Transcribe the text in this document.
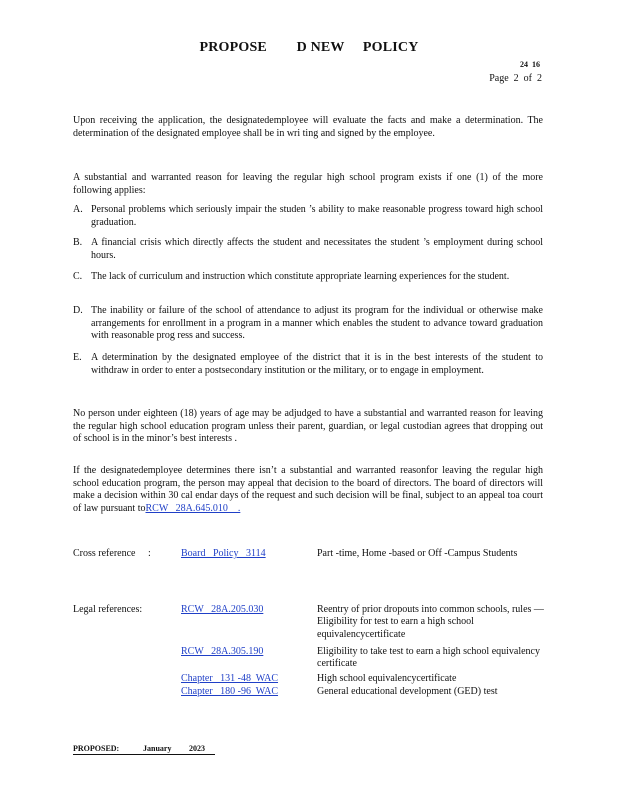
PROPOSE        D NEW     POLICY
24  16
Page  2  of  2
Upon receiving the application, the designatedemployee will evaluate the facts and make a determination. The determination of the designated employee shall be in wri ting and signed by the employee.
A substantial and warranted reason for leaving the regular high school program exists if one (1) of the more following applies:
A. Personal problems which seriously impair the studen ’s ability to make reasonable progress toward high school graduation.
B. A financial crisis which directly affects the student and necessitates the student ’s employment during school hours.
C. The lack of curriculum and instruction which constitute appropriate learning experiences for the student.
D. The inability or failure of the school of attendance to adjust its program for the individual or otherwise make arrangements for enrollment in a program in a manner which enables the student to advance toward graduation with reasonable prog ress and success.
E. A determination by the designated employee of the district that it is in the best interests of the student to withdraw in order to enter a postsecondary institution or the military, or to engage in employment.
No person under eighteen (18) years of age may be adjudged to have a substantial and warranted reason for leaving the regular high school education program unless their parent, guardian, or legal custodian agrees that dropping out of school is in the minor’s best interests .
If the designatedemployee determines there isn’t a substantial and warranted reasonfor leaving the regular high school education program, the person may appeal that decision to the board of directors. The board of directors will make a decision within 30 cal endar days of the request and such decision will be final, subject to an appeal toa court of law pursuant toRCW   28A.645.010    .
Cross reference :	Board   Policy   3114	Part -time, Home -based or Off -Campus Students
Legal references:	RCW   28A.205.030	Reentry of prior dropouts into common schools, rules — Eligibility for test to earn a high school equivalencycertificate
RCW   28A.305.190	Eligibility to take test to earn a high school equivalency certificate
Chapter   131 -48  WAC	High school equivalencycertificate
Chapter   180 -96  WAC	General educational development (GED) test
PROPOSED:	January 2023
